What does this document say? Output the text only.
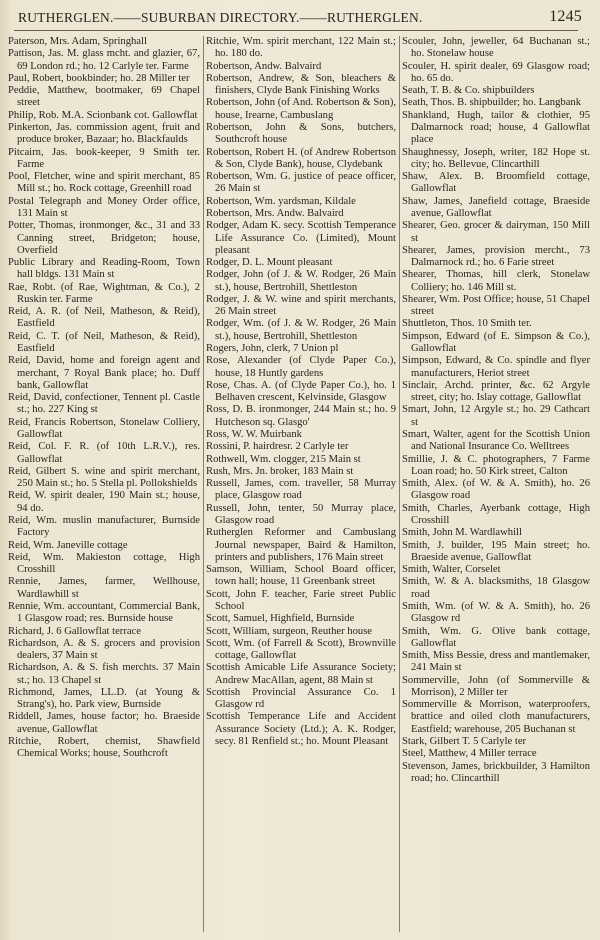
RUTHERGLEN.——SUBURBAN DIRECTORY.——RUTHERGLEN.	1245

Paterson, Mrs. Adam, Springhall

Pattison, Jas. M. glass mcht. and glazier, 67, 69 London rd.; ho. 12 Carlyle ter. Farme

Paul, Robert, bookbinder; ho. 28 Miller ter

Peddie, Matthew, bootmaker, 69 Chapel street

Philip, Rob. M.A. Scionbank cot. Gallowflat

Pinkerton, Jas. commission agent, fruit and produce broker, Bazaar; ho. Blackfaulds

Pitcairn, Jas. book-keeper, 9 Smith ter. Farme

Pool, Fletcher, wine and spirit merchant, 85 Mill st.; ho. Rock cottage, Greenhill road

Postal Telegraph and Money Order office, 131 Main st

Potter, Thomas, ironmonger, &c., 31 and 33 Canning street, Bridgeton; house, Overfield

Public Library and Reading-Room, Town hall bldgs. 131 Main st

Rae, Robt. (of Rae, Wightman, & Co.), 2 Ruskin ter. Farme

Reid, A. R. (of Neil, Matheson, & Reid), Eastfield

Reid, C. T. (of Neil, Matheson, & Reid), Eastfield

Reid, David, home and foreign agent and merchant, 7 Royal Bank place; ho. Duff bank, Gallowflat

Reid, David, confectioner, Tennent pl. Castle st.; ho. 227 King st

Reid, Francis Robertson, Stonelaw Colliery, Gallowflat

Reid, Col. F. R. (of 10th L.R.V.), res. Gallowflat

Reid, Gilbert S. wine and spirit merchant, 250 Main st.; ho. 5 Stella pl. Pollokshields

Reid, W. spirit dealer, 190 Main st.; house, 94 do.

Reid, Wm. muslin manufacturer, Burnside Factory

Reid, Wm. Janeville cottage

Reid, Wm. Makieston cottage, High Crosshill

Rennie, James, farmer, Wellhouse, Wardlawhill st

Rennie, Wm. accountant, Commercial Bank, 1 Glasgow road; res. Burnside house

Richard, J. 6 Gallowflat terrace

Richardson, A. & S. grocers and provision dealers, 37 Main st

Richardson, A. & S. fish merchts. 37 Main st.; ho. 13 Chapel st

Richmond, James, LL.D. (at Young & Strang's), ho. Park view, Burnside

Riddell, James, house factor; ho. Braeside avenue, Gallowflat

Ritchie, Robert, chemist, Shawfield Chemical Works; house, Southcroft

Ritchie, Wm. spirit merchant, 122 Main st.; ho. 180 do.

Robertson, Andw. Balvaird

Robertson, Andrew, & Son, bleachers & finishers, Clyde Bank Finishing Works

Robertson, John (of And. Robertson & Son), house, Irearne, Cambuslang

Robertson, John & Sons, butchers, Southcroft house

Robertson, Robert H. (of Andrew Robertson & Son, Clyde Bank), house, Clydebank

Robertson, Wm. G. justice of peace officer, 26 Main st

Robertson, Wm. yardsman, Kildale

Robertson, Mrs. Andw. Balvaird

Rodger, Adam K. secy. Scottish Temperance Life Assurance Co. (Limited), Mount pleasant

Rodger, D. L. Mount pleasant

Rodger, John (of J. & W. Rodger, 26 Main st.), house, Bertrohill, Shettleston

Rodger, J. & W. wine and spirit merchants, 26 Main street

Rodger, Wm. (of J. & W. Rodger, 26 Main st.), house, Bertrohill, Shettleston

Rogers, John, clerk, 7 Union pl

Rose, Alexander (of Clyde Paper Co.), house, 18 Huntly gardens

Rose, Chas. A. (of Clyde Paper Co.), ho. 1 Belhaven crescent, Kelvinside, Glasgow

Ross, D. B. ironmonger, 244 Main st.; ho. 9 Hutcheson sq. Glasgo'

Ross, W. W. Muirbank

Rossini, P. hairdresr. 2 Carlyle ter

Rothwell, Wm. clogger, 215 Main st

Rush, Mrs. Jn. broker, 183 Main st

Russell, James, com. traveller, 58 Murray place, Glasgow road

Russell, John, tenter, 50 Murray place, Glasgow road

Rutherglen Reformer and Cambuslang Journal newspaper, Baird & Hamilton, printers and publishers, 176 Main street

Samson, William, School Board officer, town hall; house, 11 Greenbank street

Scott, John F. teacher, Farie street Public School

Scott, Samuel, Highfield, Burnside

Scott, William, surgeon, Reuther house

Scott, Wm. (of Farrell & Scott), Brownville cottage, Gallowflat

Scottish Amicable Life Assurance Society; Andrew MacAllan, agent, 88 Main st

Scottish Provincial Assurance Co. 1 Glasgow rd

Scottish Temperance Life and Accident Assurance Society (Ltd.); A. K. Rodger, secy. 81 Renfield st.; ho. Mount Pleasant

Scouler, John, jeweller, 64 Buchanan st.; ho. Stonelaw house

Scouler, H. spirit dealer, 69 Glasgow road; ho. 65 do.

Seath, T. B. & Co. shipbuilders

Seath, Thos. B. shipbuilder; ho. Langbank

Shankland, Hugh, tailor & clothier, 95 Dalmarnock road; house, 4 Gallowflat place

Shaughnessy, Joseph, writer, 182 Hope st. city; ho. Bellevue, Clincarthill

Shaw, Alex. B. Broomfield cottage, Gallowflat

Shaw, James, Janefield cottage, Braeside avenue, Gallowflat

Shearer, Geo. grocer & dairyman, 150 Mill st

Shearer, James, provision mercht., 73 Dalmarnock rd.; ho. 6 Farie street

Shearer, Thomas, hill clerk, Stonelaw Colliery; ho. 146 Mill st.

Shearer, Wm. Post Office; house, 51 Chapel street

Shuttleton, Thos. 10 Smith ter.

Simpson, Edward (of E. Simpson & Co.), Gallowflat

Simpson, Edward, & Co. spindle and flyer manufacturers, Heriot street

Sinclair, Archd. printer, &c. 62 Argyle street, city; ho. Islay cottage, Gallowflat

Smart, John, 12 Argyle st.; ho. 29 Cathcart st

Smart, Walter, agent for the Scottish Union and National Insurance Co. Welltrees

Smillie, J. & C. photographers, 7 Farme Loan road; ho. 50 Kirk street, Calton

Smith, Alex. (of W. & A. Smith), ho. 26 Glasgow road

Smith, Charles, Ayerbank cottage, High Crosshill

Smith, John M. Wardlawhill

Smith, J. builder, 195 Main street; ho. Braeside avenue, Gallowflat

Smith, Walter, Corselet

Smith, W. & A. blacksmiths, 18 Glasgow road

Smith, Wm. (of W. & A. Smith), ho. 26 Glasgow rd

Smith, Wm. G. Olive bank cottage, Gallowflat

Smith, Miss Bessie, dress and mantlemaker, 241 Main st

Sommerville, John (of Sommerville & Morrison), 2 Miller ter

Sommerville & Morrison, waterproofers, brattice and oiled cloth manufacturers, Eastfield; warehouse, 205 Buchanan st

Stark, Gilbert T. 5 Carlyle ter

Steel, Matthew, 4 Miller terrace

Stevenson, James, brickbuilder, 3 Hamilton road; ho. Clincarthill
